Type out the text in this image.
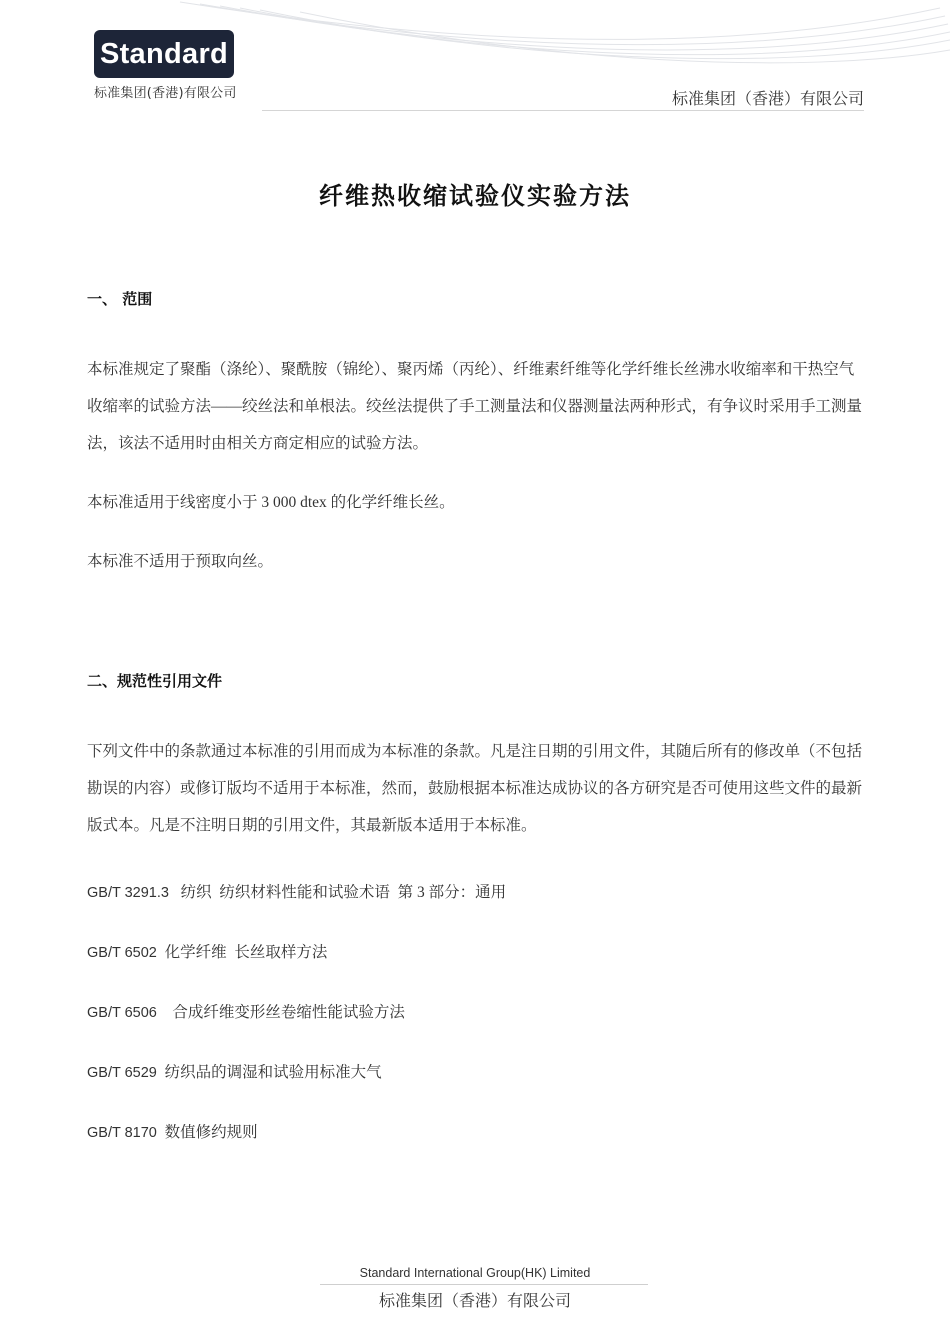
Standard
标准集团(香港)有限公司	标准集团（香港）有限公司
纤维热收缩试验仪实验方法
一、 范围

本标准规定了聚酯（涤纶）、聚酰胺（锦纶）、聚丙烯（丙纶）、纤维素纤维等化学纤维长丝沸水收缩率和干热空气收缩率的试验方法——绞丝法和单根法。绞丝法提供了手工测量法和仪器测量法两种形式，有争议时采用手工测量法，该法不适用时由相关方商定相应的试验方法。

本标准适用于线密度小于 3 000 dtex 的化学纤维长丝。

本标准不适用于预取向丝。

二、规范性引用文件

下列文件中的条款通过本标准的引用而成为本标准的条款。凡是注日期的引用文件，其随后所有的修改单（不包括勘误的内容）或修订版均不适用于本标准，然而，鼓励根据本标准达成协议的各方研究是否可使用这些文件的最新版式本。凡是不注明日期的引用文件，其最新版本适用于本标准。

GB/T 3291.3   纺织  纺织材料性能和试验术语  第 3 部分：通用

GB/T 6502  化学纤维  长丝取样方法

GB/T 6506    合成纤维变形丝卷缩性能试验方法

GB/T 6529  纺织品的调湿和试验用标准大气

GB/T 8170  数值修约规则

Standard International Group(HK) Limited
标准集团（香港）有限公司
